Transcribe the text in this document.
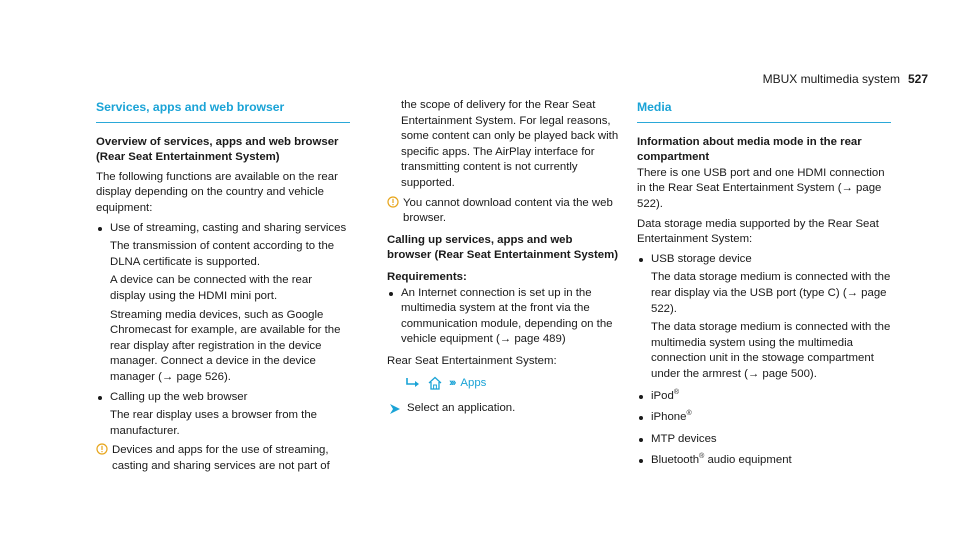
MBUX multimedia system 527
Services, apps and web browser

Overview of services, apps and web browser (Rear Seat Entertainment System)

The following functions are available on the rear display depending on the country and vehicle equipment:

Use of streaming, casting and sharing services

The transmission of content according to the DLNA certificate is supported.

A device can be connected with the rear display using the HDMI mini port.

Streaming media devices, such as Google Chromecast for example, are available for the rear display after registration in the device manager. Connect a device in the device manager (→ page 526).

Calling up the web browser

The rear display uses a browser from the manufacturer.

Devices and apps for the use of streaming, casting and sharing services are not part of

the scope of delivery for the Rear Seat Entertainment System. For legal reasons, some content can only be played back with specific apps. The AirPlay interface for transmitting content is not currently supported.

You cannot download content via the web browser.

Calling up services, apps and web browser (Rear Seat Entertainment System)

Requirements:

An Internet connection is set up in the multimedia system at the front via the communication module, depending on the vehicle equipment (→ page 489)

Rear Seat Entertainment System:

››› Apps

Select an application.

Media

Information about media mode in the rear compartment

There is one USB port and one HDMI connection in the Rear Seat Entertainment System (→ page 522).

Data storage media supported by the Rear Seat Entertainment System:

USB storage device

The data storage medium is connected with the rear display via the USB port (type C) (→ page 522).

The data storage medium is connected with the multimedia system using the multimedia connection unit in the stowage compartment under the armrest (→ page 500).

iPod®
iPhone®
MTP devices
Bluetooth® audio equipment
